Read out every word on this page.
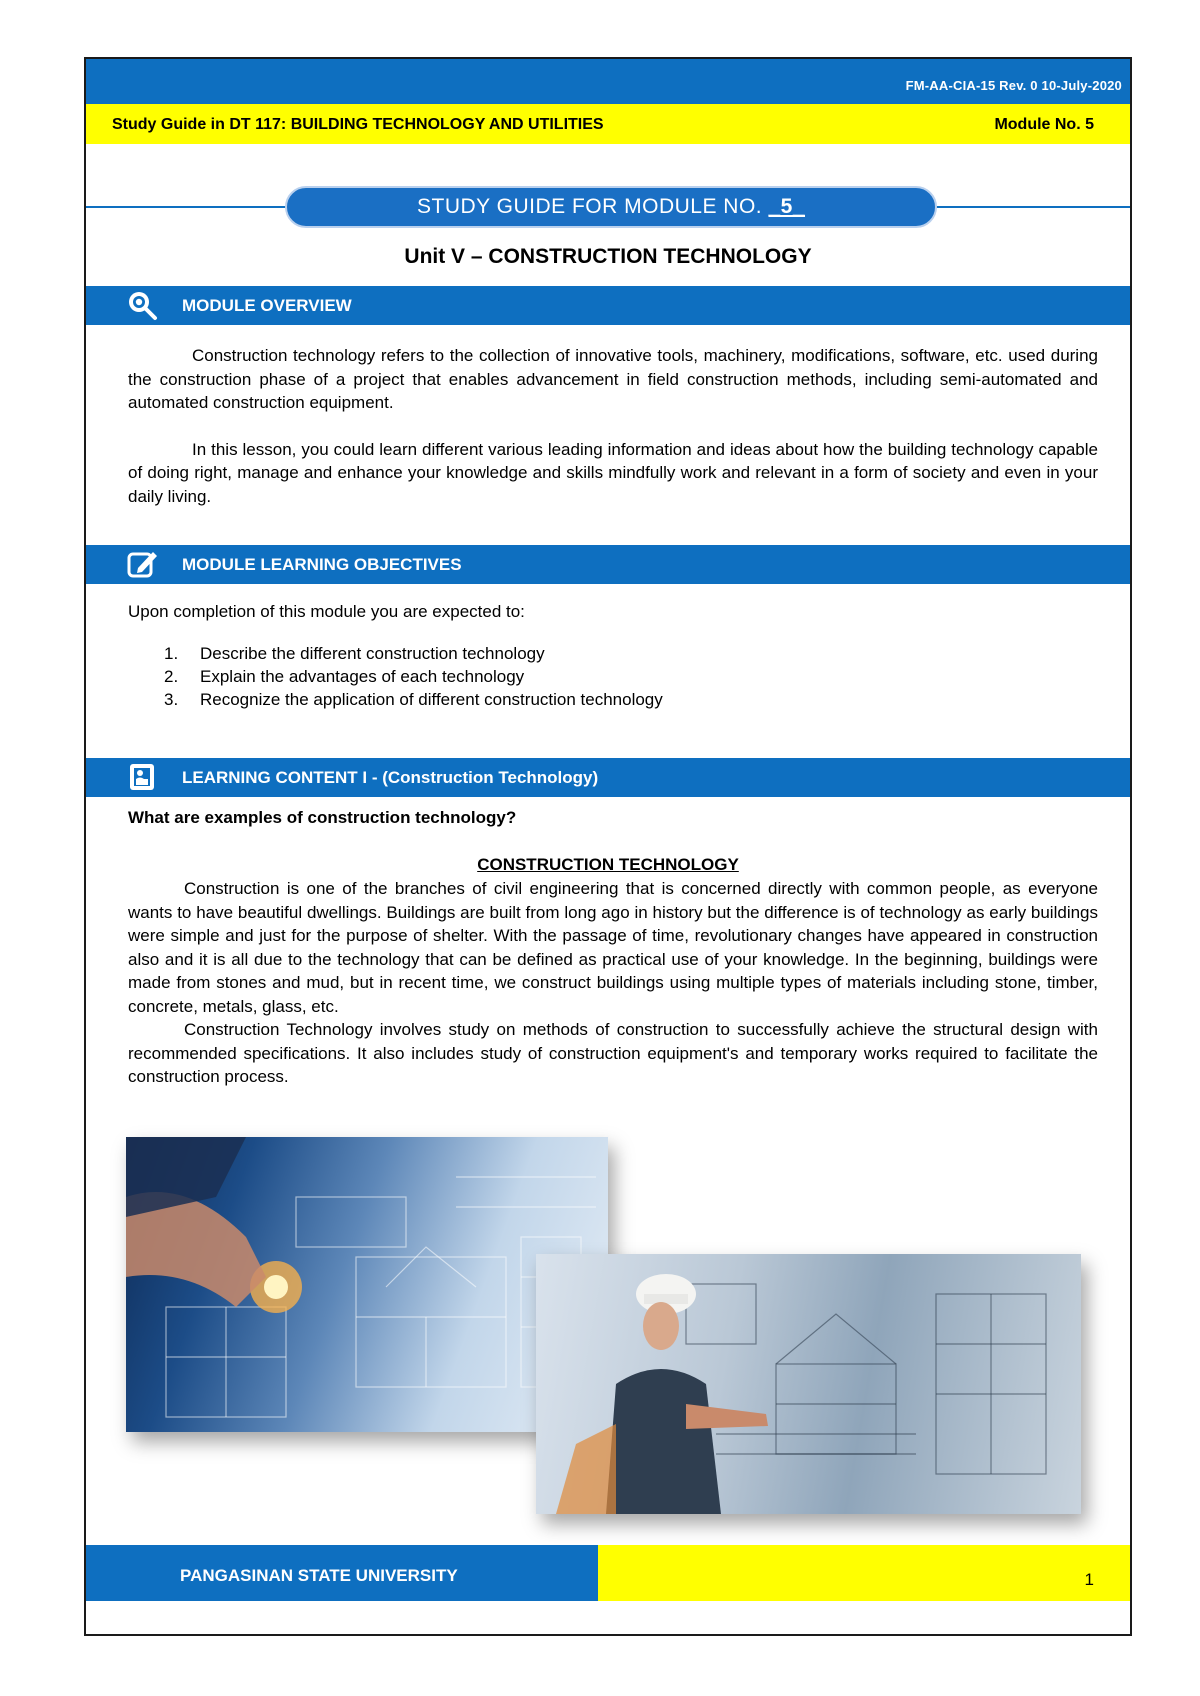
FM-AA-CIA-15 Rev. 0 10-July-2020
Study Guide in DT 117: BUILDING TECHNOLOGY AND UTILITIES	Module No. 5
STUDY GUIDE FOR MODULE NO. _5_
Unit V – CONSTRUCTION TECHNOLOGY
MODULE OVERVIEW

Construction technology refers to the collection of innovative tools, machinery, modifications, software, etc. used during the construction phase of a project that enables advancement in field construction methods, including semi-automated and automated construction equipment.

In this lesson, you could learn different various leading information and ideas about how the building technology capable of doing right, manage and enhance your knowledge and skills mindfully work and relevant in a form of society and even in your daily living.

MODULE LEARNING OBJECTIVES
Upon completion of this module you are expected to:
1. Describe the different construction technology
2. Explain the advantages of each technology
3. Recognize the application of different construction technology
LEARNING CONTENT I - (Construction Technology)
What are examples of construction technology?
CONSTRUCTION TECHNOLOGY

Construction is one of the branches of civil engineering that is concerned directly with common people, as everyone wants to have beautiful dwellings. Buildings are built from long ago in history but the difference is of technology as early buildings were simple and just for the purpose of shelter. With the passage of time, revolutionary changes have appeared in construction also and it is all due to the technology that can be defined as practical use of your knowledge. In the beginning, buildings were made from stones and mud, but in recent time, we construct buildings using multiple types of materials including stone, timber, concrete, metals, glass, etc.

Construction Technology involves study on methods of construction to successfully achieve the structural design with recommended specifications. It also includes study of construction equipment's and temporary works required to facilitate the construction process.

PANGASINAN STATE UNIVERSITY	1
